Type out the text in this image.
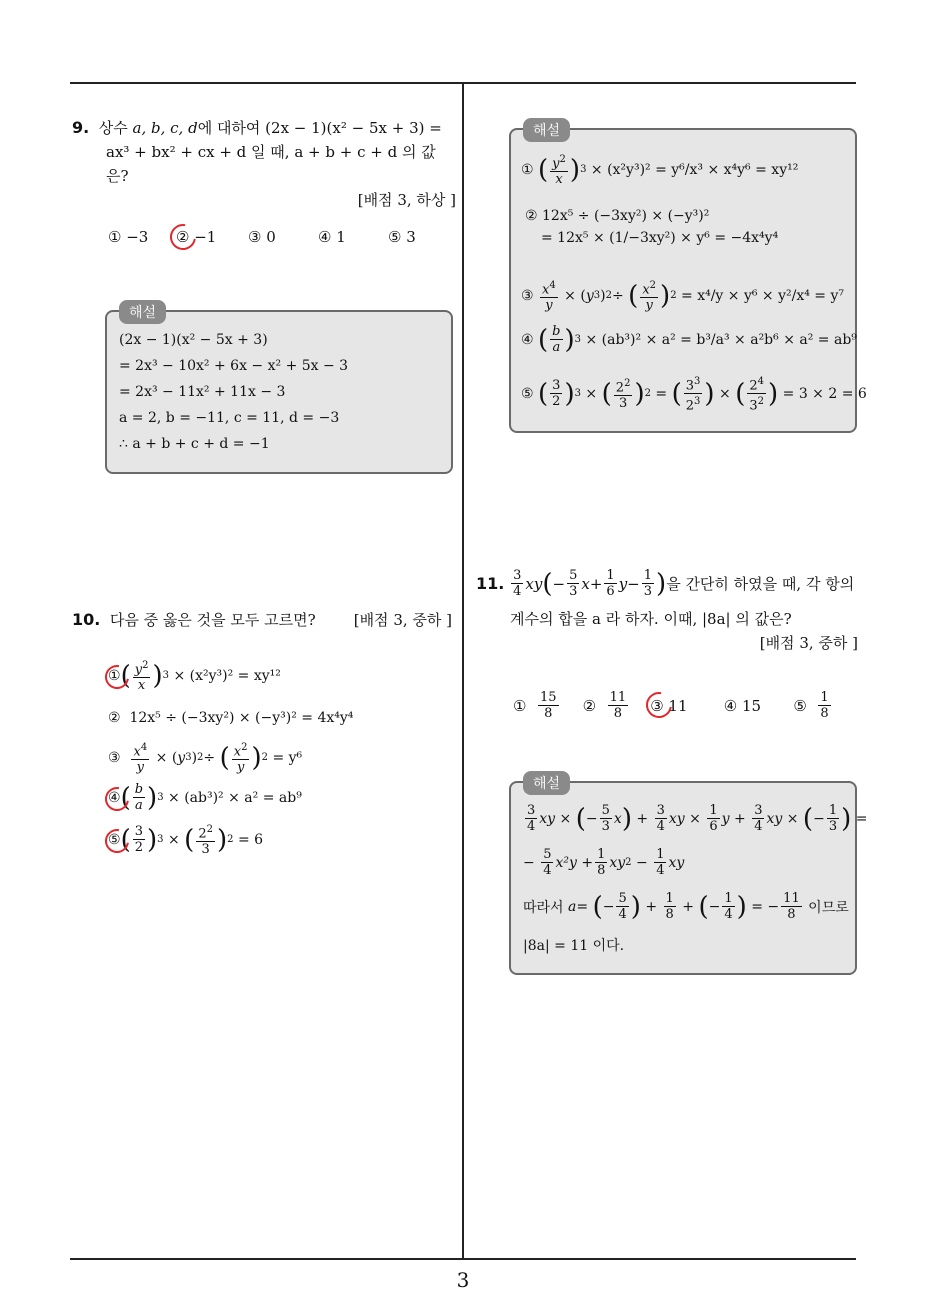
9. 상수 a, b, c, d에 대하여 (2x − 1)(x² − 5x + 3) =
ax³ + bx² + cx + d 일 때, a + b + c + d 의 값은?
[배점 3, 하상 ]
① −3 ② −1 ③ 0	④ 1	⑤ 3
해설
(2x − 1)(x² − 5x + 3)
= 2x³ − 10x² + 6x − x² + 5x − 3
= 2x³ − 11x² + 11x − 3
a = 2, b = −11, c = 11, d = −3
∴ a + b + c + d = −1
10. 다음 중 옳은 것을 모두 고르면?	[배점 3, 중하 ]
① ( $\frac{y^2}{x}$ ) 3
× (x²y³)² = xy¹²
②
12x⁵ ÷ (−3xy²) × (−y³)² = 4x⁴y⁴
③
$\frac{x^4}{y}$ × ( y 3 ) 2 ÷ ( $\frac{x^2}{y}$ ) 2
= y⁶
④ ( $\frac{b}{a}$ ) 3
× (ab³)² × a² = ab⁹
⑤ ( $\frac{3}{2}$ ) 3 × ( $\frac{2^2}{3}$ ) 2
= 6
해설
① ( $\frac{y^2}{x}$ ) 3
× (x²y³)² = y⁶/x³ × x⁴y⁶ = xy¹²
② 12x⁵ ÷ (−3xy²) × (−y³)²
= 12x⁵ × (1/−3xy²) × y⁶ = −4x⁴y⁴
③ $\frac{x^4}{y}$ × ( y 3 ) 2 ÷ ( $\frac{x^2}{y}$ ) 2
= x⁴/y × y⁶ × y²/x⁴ = y⁷
④ ( $\frac{b}{a}$ ) 3
× (ab³)² × a² = b³/a³ × a²b⁶ × a² = ab⁹
⑤ ( $\frac{3}{2}$ ) 3 × ( $\frac{2^2}{3}$ ) 2 = ( $\frac{3^3}{2^3}$ ) × ( $\frac{2^4}{3^2}$ )
= 3 × 2 = 6
11.
$\frac{3}{4}$ xy ( − $\frac{5}{3}$ $x + \frac{1}{6}$ $y - \frac{1}{3}$ ) 을 간단히 하였을 때, 각 항의
계수의 합을 a 라 하자. 이때, |8a| 의 값은?
[배점 3, 중하 ]
①
$\frac{15}{8}$ ②
$\frac{11}{8}$ ③ 11 ④ 15 ⑤
$\frac{1}{8}$
해설
$\frac{3}{4}$ xy × ( − $\frac{5}{3}$ x ) + $\frac{3}{4}$ xy × $\frac{1}{6}$ $y + \frac{3}{4}$ xy × ( − $\frac{1}{3}$ ) =
− $\frac{5}{4} x^2y + \frac{1}{8}$ xy $2 - \frac{1}{4}$ xy
따라서
a = ( − $\frac{5}{4}$ ) + $\frac{1}{8}$ + ( − $\frac{1}{4}$ ) = − $\frac{11}{8}$
이므로
|8a| = 11 이다.
3
